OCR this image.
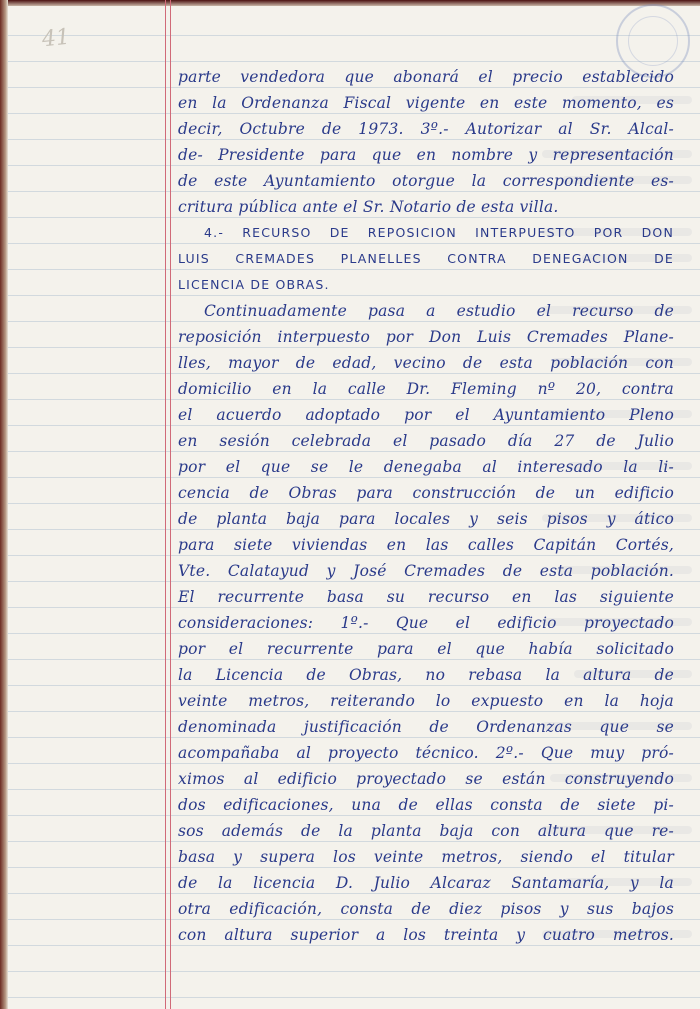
41
parte vendedora que abonará el precio establecido
en la Ordenanza Fiscal vigente en este momento, es
decir, Octubre de 1973. 3º.- Autorizar al Sr. Alcal-
de- Presidente para que en nombre y representación
de este Ayuntamiento otorgue la correspondiente es-
critura pública ante el Sr. Notario de esta villa.
4.- RECURSO DE REPOSICION INTERPUESTO POR DON
LUIS CREMADES PLANELLES CONTRA DENEGACION DE
LICENCIA DE OBRAS.
Continuadamente pasa a estudio el recurso de
reposición interpuesto por Don Luis Cremades Plane-
lles, mayor de edad, vecino de esta población con
domicilio en la calle Dr. Fleming nº 20, contra
el acuerdo adoptado por el Ayuntamiento Pleno
en sesión celebrada el pasado día 27 de Julio
por el que se le denegaba al interesado la li-
cencia de Obras para construcción de un edificio
de planta baja para locales y seis pisos y ático
para siete viviendas en las calles Capitán Cortés,
Vte. Calatayud y José Cremades de esta población.
El recurrente basa su recurso en las siguiente
consideraciones: 1º.- Que el edificio proyectado
por el recurrente para el que había solicitado
la Licencia de Obras, no rebasa la altura de
veinte metros, reiterando lo expuesto en la hoja
denominada justificación de Ordenanzas que se
acompañaba al proyecto técnico. 2º.- Que muy pró-
ximos al edificio proyectado se están construyendo
dos edificaciones, una de ellas consta de siete pi-
sos además de la planta baja con altura que re-
basa y supera los veinte metros, siendo el titular
de la licencia D. Julio Alcaraz Santamaría, y la
otra edificación, consta de diez pisos y sus bajos
con altura superior a los treinta y cuatro metros.
